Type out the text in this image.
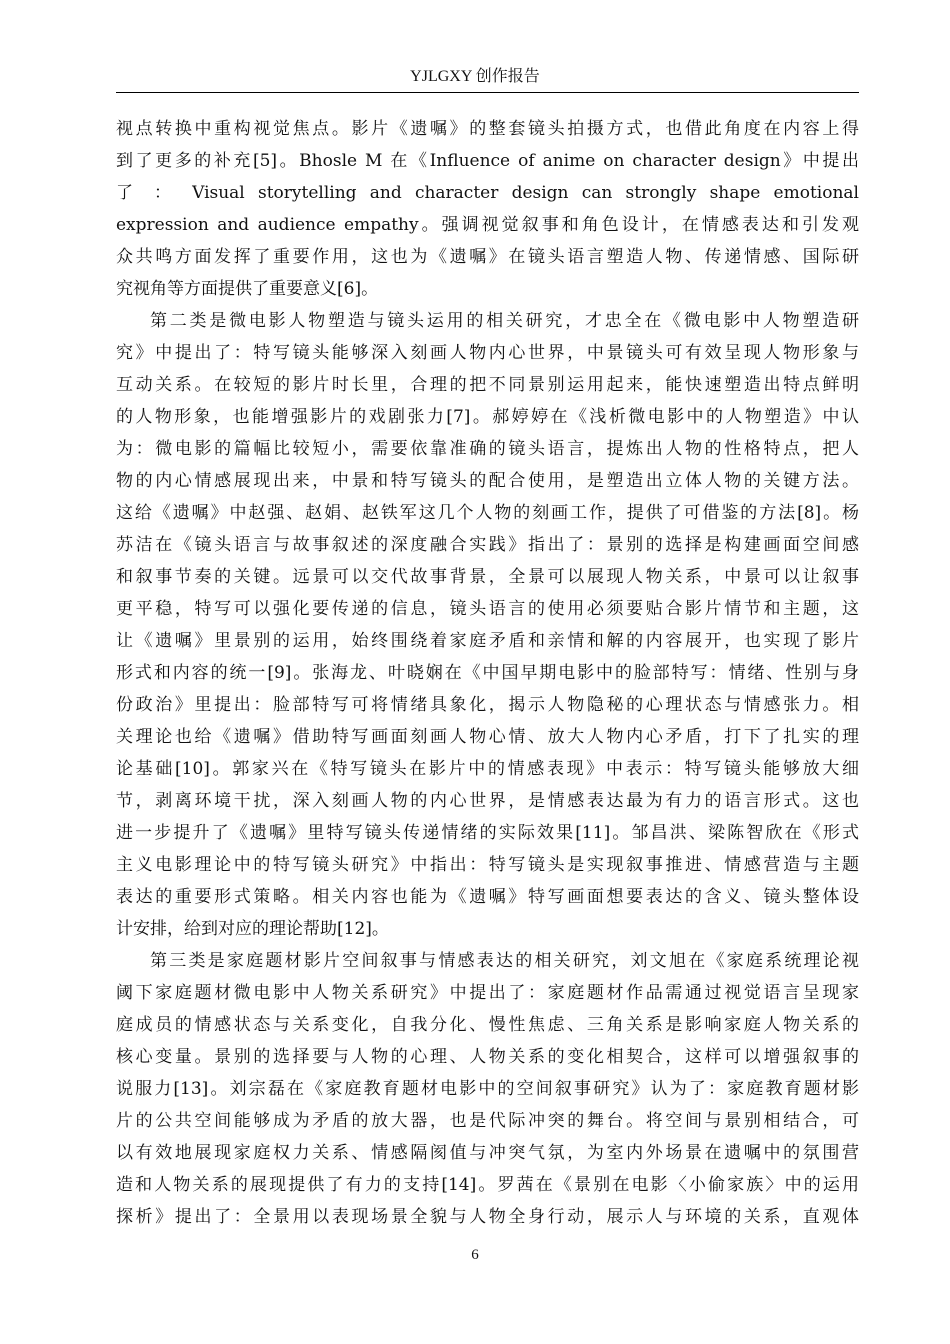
YJLGXY 创作报告
视点转换中重构视觉焦点。影片《遗嘱》的整套镜头拍摄方式，也借此角度在内容上得
到了更多的补充[5]。Bhosle M 在《Influence of anime on character design》中提出
了 ： Visual storytelling and character design can strongly shape emotional
expression and audience empathy。强调视觉叙事和角色设计，在情感表达和引发观
众共鸣方面发挥了重要作用，这也为《遗嘱》在镜头语言塑造人物、传递情感、国际研
究视角等方面提供了重要意义[6]。
第二类是微电影人物塑造与镜头运用的相关研究，才忠全在《微电影中人物塑造研
究》中提出了：特写镜头能够深入刻画人物内心世界，中景镜头可有效呈现人物形象与
互动关系。在较短的影片时长里，合理的把不同景别运用起来，能快速塑造出特点鲜明
的人物形象，也能增强影片的戏剧张力[7]。郝婷婷在《浅析微电影中的人物塑造》中认
为：微电影的篇幅比较短小，需要依靠准确的镜头语言，提炼出人物的性格特点，把人
物的内心情感展现出来，中景和特写镜头的配合使用，是塑造出立体人物的关键方法。
这给《遗嘱》中赵强、赵娟、赵铁军这几个人物的刻画工作，提供了可借鉴的方法[8]。杨
苏洁在《镜头语言与故事叙述的深度融合实践》指出了：景别的选择是构建画面空间感
和叙事节奏的关键。远景可以交代故事背景，全景可以展现人物关系，中景可以让叙事
更平稳，特写可以强化要传递的信息，镜头语言的使用必须要贴合影片情节和主题，这
让《遗嘱》里景别的运用，始终围绕着家庭矛盾和亲情和解的内容展开，也实现了影片
形式和内容的统一[9]。张海龙、叶晓娴在《中国早期电影中的脸部特写：情绪、性别与身
份政治》里提出：脸部特写可将情绪具象化，揭示人物隐秘的心理状态与情感张力。相
关理论也给《遗嘱》借助特写画面刻画人物心情、放大人物内心矛盾，打下了扎实的理
论基础[10]。郭家兴在《特写镜头在影片中的情感表现》中表示：特写镜头能够放大细
节，剥离环境干扰，深入刻画人物的内心世界，是情感表达最为有力的语言形式。这也
进一步提升了《遗嘱》里特写镜头传递情绪的实际效果[11]。邹昌洪、梁陈智欣在《形式
主义电影理论中的特写镜头研究》中指出：特写镜头是实现叙事推进、情感营造与主题
表达的重要形式策略。相关内容也能为《遗嘱》特写画面想要表达的含义、镜头整体设
计安排，给到对应的理论帮助[12]。
第三类是家庭题材影片空间叙事与情感表达的相关研究，刘文旭在《家庭系统理论视
阈下家庭题材微电影中人物关系研究》中提出了：家庭题材作品需通过视觉语言呈现家
庭成员的情感状态与关系变化，自我分化、慢性焦虑、三角关系是影响家庭人物关系的
核心变量。景别的选择要与人物的心理、人物关系的变化相契合，这样可以增强叙事的
说服力[13]。刘宗磊在《家庭教育题材电影中的空间叙事研究》认为了：家庭教育题材影
片的公共空间能够成为矛盾的放大器，也是代际冲突的舞台。将空间与景别相结合，可
以有效地展现家庭权力关系、情感隔阂值与冲突气氛，为室内外场景在遗嘱中的氛围营
造和人物关系的展现提供了有力的支持[14]。罗茜在《景别在电影〈小偷家族〉中的运用
探析》提出了：全景用以表现场景全貌与人物全身行动，展示人与环境的关系，直观体
6
